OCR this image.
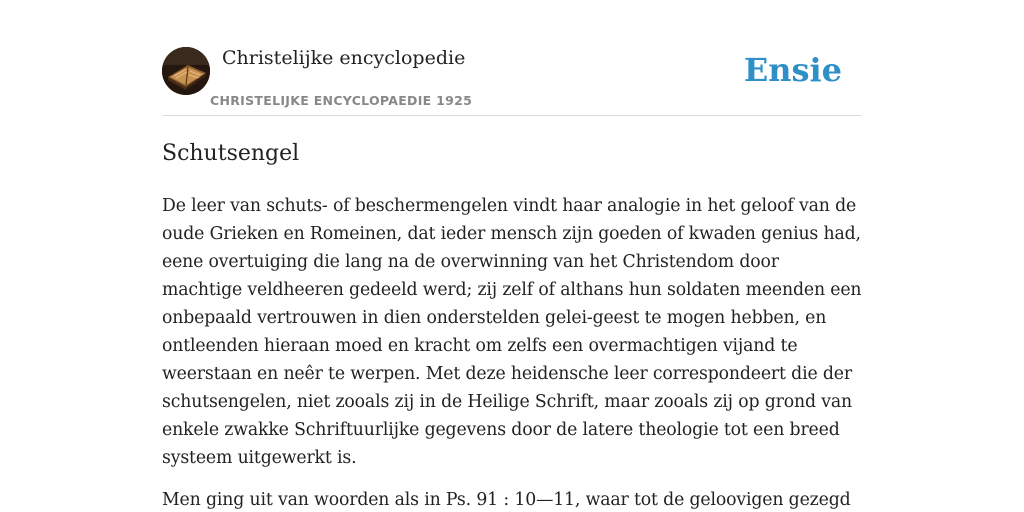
Christelijke encyclopedie
CHRISTELIJKE ENCYCLOPAEDIE 1925
Ensie
Schutsengel

De leer van schuts- of beschermengelen vindt haar analogie in het geloof van de oude Grieken en Romeinen, dat ieder mensch zijn goeden of kwaden genius had, eene overtuiging die lang na de overwinning van het Christendom door machtige veldheeren gedeeld werd; zij zelf of althans hun soldaten meenden een onbepaald vertrouwen in dien onderstelden gelei-geest te mogen hebben, en ontleenden hieraan moed en kracht om zelfs een overmachtigen vijand te weerstaan en neêr te werpen. Met deze heidensche leer correspondeert die der schutsengelen, niet zooals zij in de Heilige Schrift, maar zooals zij op grond van enkele zwakke Schriftuurlijke gegevens door de latere theologie tot een breed systeem uitgewerkt is.

Men ging uit van woorden als in Ps. 91 : 10—11, waar tot de geloovigen gezegd
